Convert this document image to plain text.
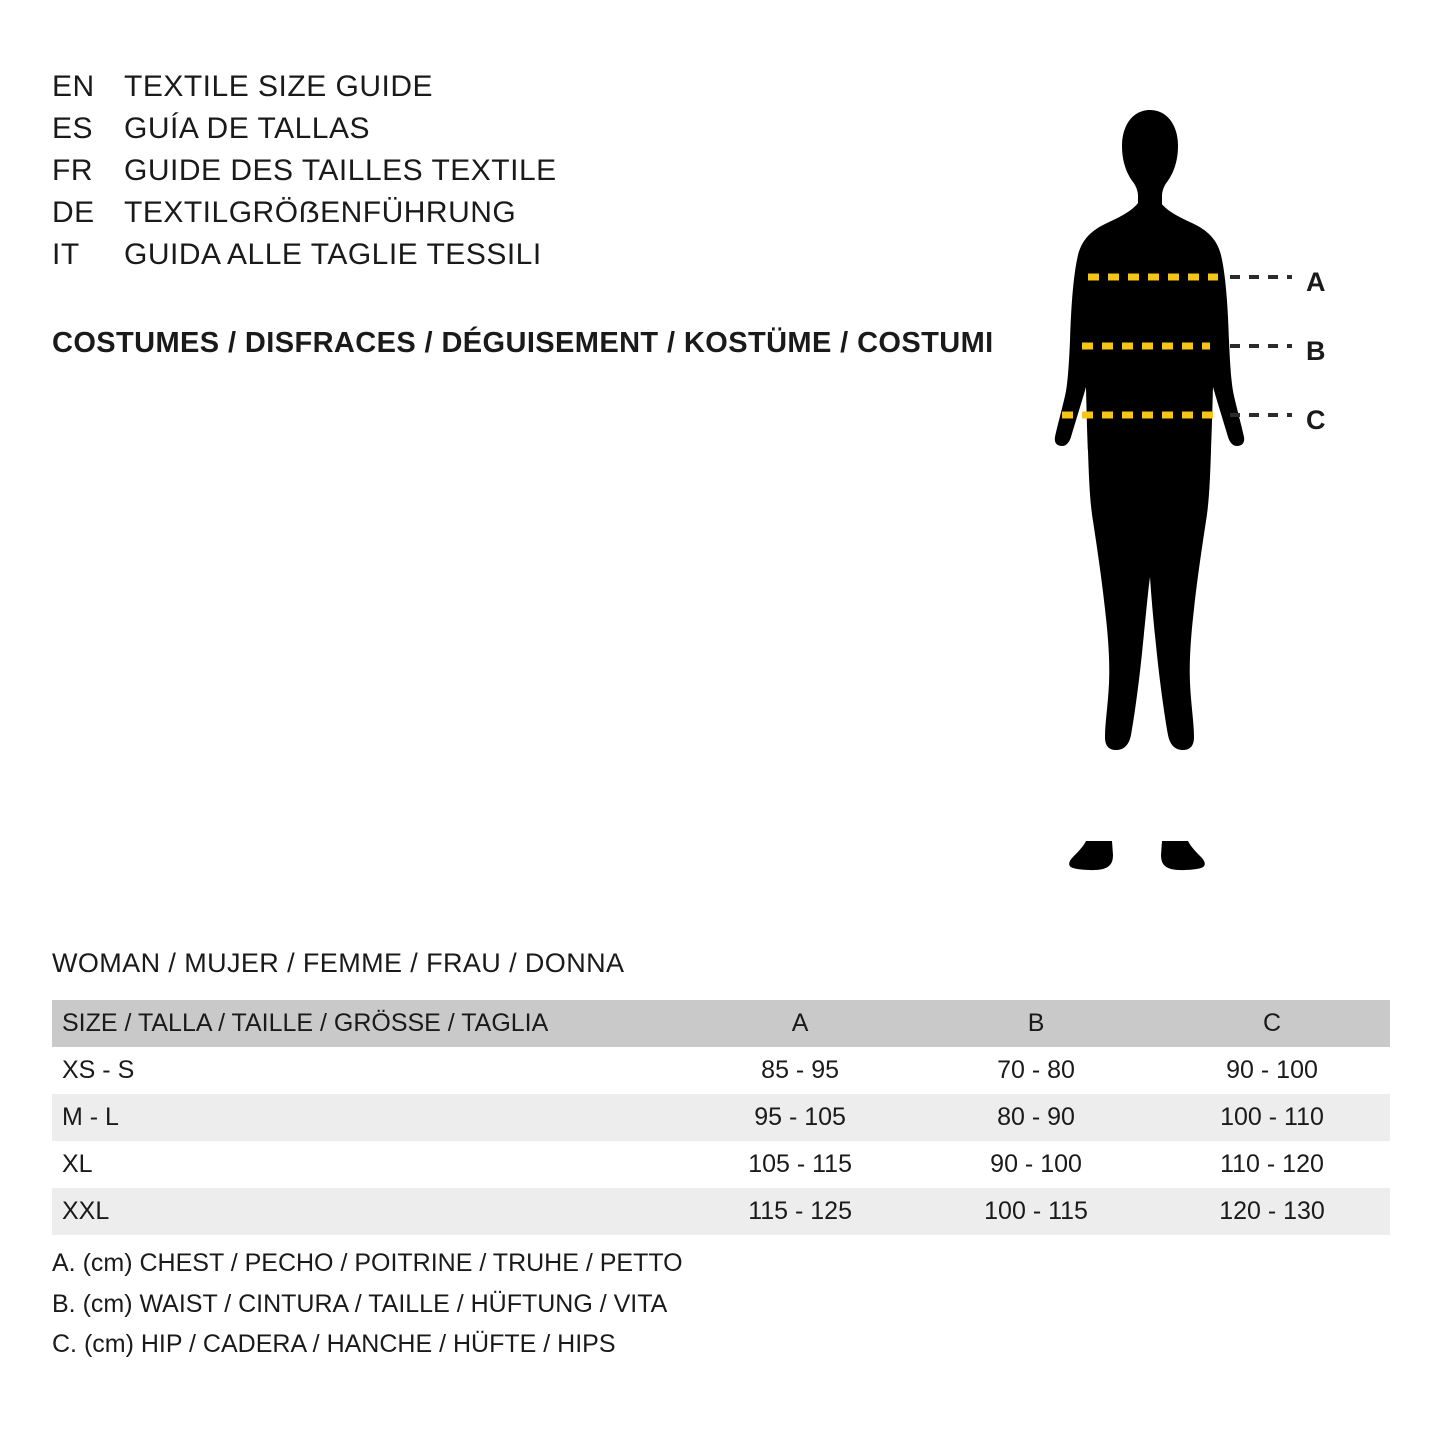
EN TEXTILE SIZE GUIDE
ES	GUÍA DE TALLAS
FR	GUIDE DES TAILLES TEXTILE
DE TEXTILGRÖẞENFÜHRUNG
IT	GUIDA ALLE TAGLIE TESSILI
COSTUMES / DISFRACES / DÉGUISEMENT / KOSTÜME / COSTUMI
A
B
C
WOMAN / MUJER / FEMME / FRAU / DONNA
SIZE / TALLA / TAILLE / GRÖSSE / TAGLIA	A	B	C
XS - S	85 - 95	70 - 80	90 - 100
M - L	95 - 105	80 - 90	100 - 110
XL	105 - 115	90 - 100	110 - 120
XXL	115 - 125	100 - 115	120 - 130
A. (cm) CHEST / PECHO / POITRINE / TRUHE / PETTO
B. (cm) WAIST / CINTURA / TAILLE / HÜFTUNG / VITA
C. (cm) HIP / CADERA / HANCHE / HÜFTE / HIPS
